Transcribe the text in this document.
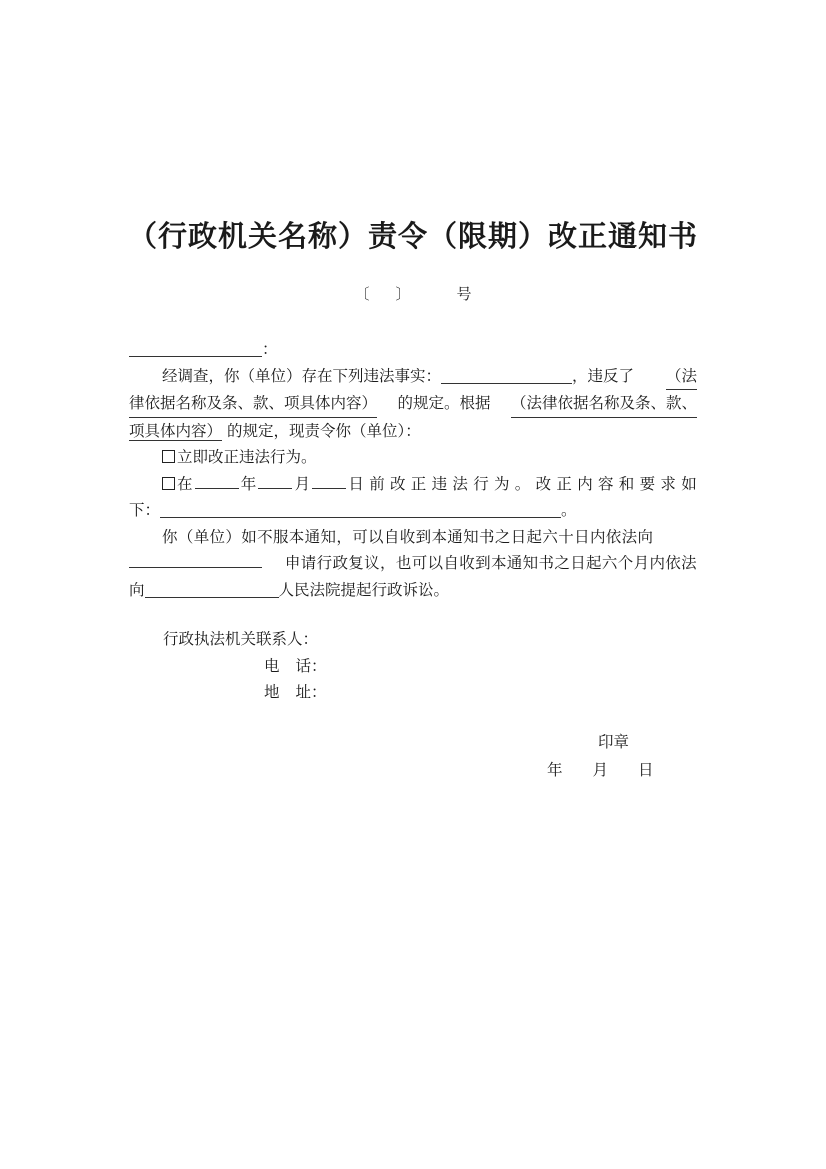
（行政机关名称）责令（限期）改正通知书
〔 〕	号
：
经调查，你（单位）存在下列违法事实：	，违反了 （法
律依据名称及条、款、项具体内容） 的规定。根据 （法律依据名称及条、款、
项具体内容） 的规定，现责令你（单位）：
立即改正违法行为。
在	年 月 日前改正违法行为。改正内容和要求如
下：	。
你（单位）如不服本通知，可以自收到本通知书之日起六十日内依法向
申请行政复议，也可以自收到本通知书之日起六个月内依法
向	人民法院提起行政诉讼。
行政执法机关联系人：
电 话：
地 址：
印章
年 月 日
